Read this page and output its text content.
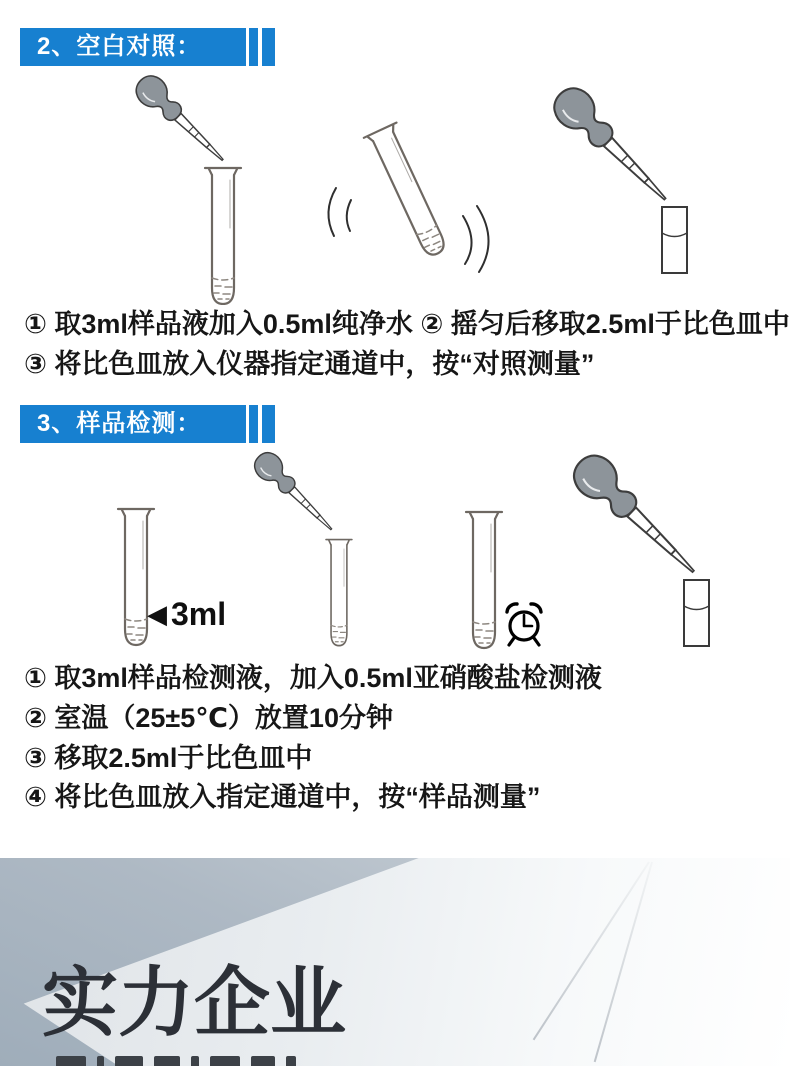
2、空白对照：
① 取3ml样品液加入0.5ml纯净水 ② 摇匀后移取2.5ml于比色皿中
③ 将比色皿放入仪器指定通道中，按“对照测量”
3、样品检测：
◀ 3ml
① 取3ml样品检测液，加入0.5ml亚硝酸盐检测液
② 室温（25±5℃）放置10分钟
③ 移取2.5ml于比色皿中
④ 将比色皿放入指定通道中，按“样品测量”
实力企业
